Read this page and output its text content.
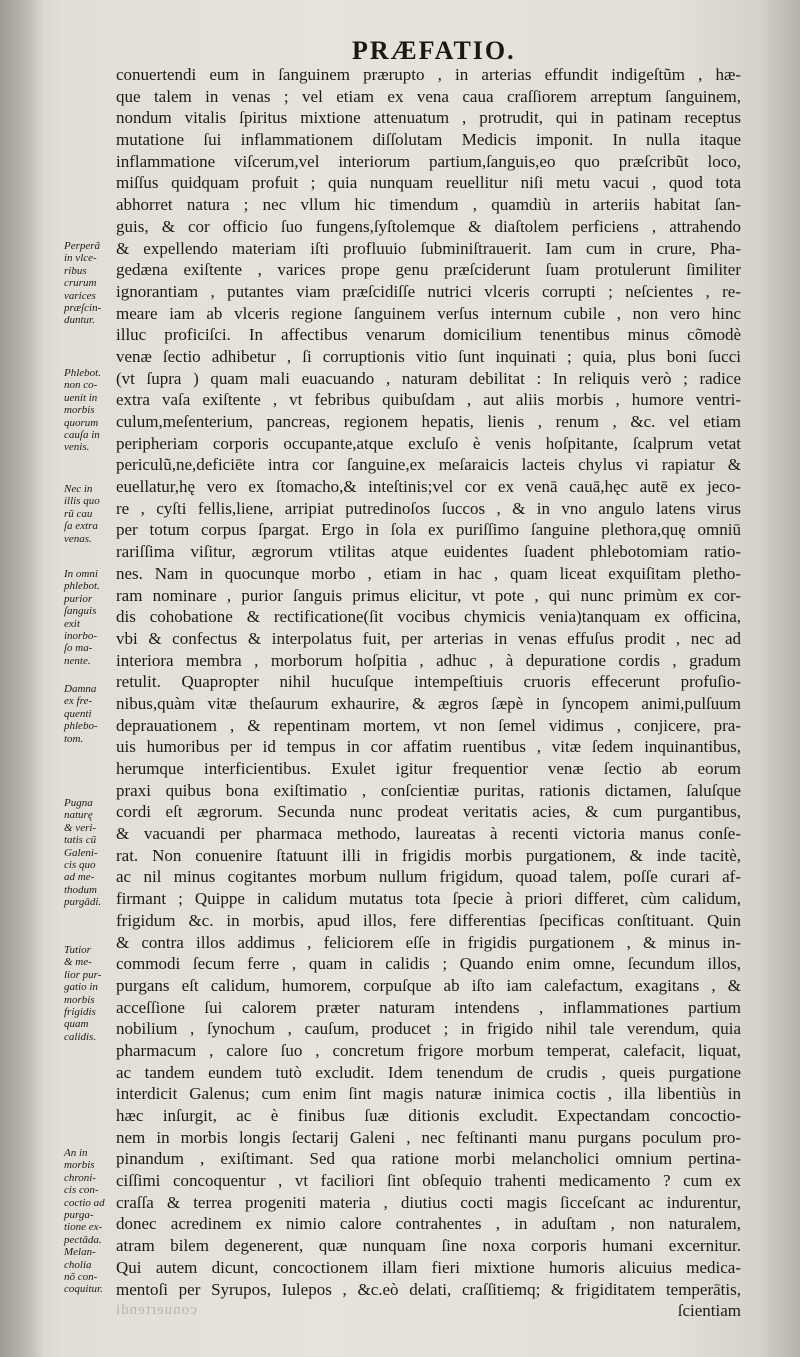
PRÆFATIO.
Perperã
in vlce-
ribus
crurum
varices
præſcin-
duntur.
Phlebot.
non co-
uenit in
morbis
quorum
cauſa in
venis.
Nec in
illis quo
rũ cau
ſa extra
venas.
In omni
phlebot.
purior
ſanguis
exit
inorbo-
ſo ma-
nente.
Damna
ex fre-
quenti
phlebo-
tom.
Pugna
naturę
& veri-
tatis cũ
Galeni-
cis quo
ad me-
thodum
purgādi.
Tutior
& me-
lior pur-
gatio in
morbis
frigidis
quam
calidis.
An in
morbis
chroni-
cis con-
coctio ad
purga-
tione ex-
pectāda.
Melan-
cholia
nõ con-
coquitur.
conuertendi eum in ſanguinem prærupto , in arterias effundit indigeſtũm , hæ-
que talem in venas ; vel etiam ex vena caua craſſiorem arreptum ſanguinem,
nondum vitalis ſpiritus mixtione attenuatum , protrudit, qui in patinam receptus
mutatione ſui inflammationem diſſolutam Medicis imponit. In nulla itaque
inflammatione viſcerum,vel interiorum partium,ſanguis,eo quo præſcribũt loco,
miſſus quidquam profuit ; quia nunquam reuellitur niſi metu vacui , quod tota
abhorret natura ; nec vllum hic timendum , quamdiù in arteriis habitat ſan-
guis, & cor officio ſuo fungens,ſyſtolemque & diaſtolem perficiens , attrahendo
& expellendo materiam iſti profluuio ſubminiſtrauerit. Iam cum in crure, Pha-
gedæna exiſtente , varices prope genu præſciderunt ſuam protulerunt ſimiliter
ignorantiam , putantes viam præſcidiſſe nutrici vlceris corrupti ; neſcientes , re-
meare iam ab vlceris regione ſanguinem verſus internum cubile , non vero hinc
illuc proficiſci. In affectibus venarum domicilium tenentibus minus cõmodè
venæ ſectio adhibetur , ſi corruptionis vitio ſunt inquinati ; quia, plus boni ſucci
(vt ſupra ) quam mali euacuando , naturam debilitat : In reliquis verò ; radice
extra vaſa exiſtente , vt febribus quibuſdam , aut aliis morbis , humore ventri-
culum,meſenterium, pancreas, regionem hepatis, lienis , renum , &c. vel etiam
peripheriam corporis occupante,atque excluſo è venis hoſpitante, ſcalprum vetat
periculũ,ne,deficiēte intra cor ſanguine,ex meſaraicis lacteis chylus vi rapiatur &
euellatur,hę vero ex ſtomacho,& inteſtinis;vel cor ex venā cauā,hęc autē ex jeco-
re , cyſti fellis,liene, arripiat putredinoſos ſuccos , & in vno angulo latens virus
per totum corpus ſpargat. Ergo in ſola ex puriſſimo ſanguine plethora,quę omniū
rariſſima viſitur, ægrorum vtilitas atque euidentes ſuadent phlebotomiam ratio-
nes. Nam in quocunque morbo , etiam in hac , quam liceat exquiſitam pletho-
ram nominare , purior ſanguis primus elicitur, vt pote , qui nunc primùm ex cor-
dis cohobatione & rectificatione(ſit vocibus chymicis venia)tanquam ex officina,
vbi & confectus & interpolatus fuit, per arterias in venas effuſus prodit , nec ad
interiora membra , morborum hoſpitia , adhuc , à depuratione cordis , gradum
retulit. Quapropter nihil hucuſque intempeſtiuis cruoris effecerunt profuſio-
nibus,quàm vitæ theſaurum exhaurire, & ægros ſæpè in ſyncopem animi,pulſuum
deprauationem , & repentinam mortem, vt non ſemel vidimus , conjicere, pra-
uis humoribus per id tempus in cor affatim ruentibus , vitæ ſedem inquinantibus,
herumque interficientibus. Exulet igitur frequentior venæ ſectio ab eorum
praxi quibus bona exiſtimatio , conſcientiæ puritas, rationis dictamen, ſaluſque
cordi eſt ægrorum. Secunda nunc prodeat veritatis acies, & cum purgantibus,
& vacuandi per pharmaca methodo, laureatas à recenti victoria manus conſe-
rat. Non conuenire ſtatuunt illi in frigidis morbis purgationem, & inde tacitè,
ac nil minus cogitantes morbum nullum frigidum, quoad talem, poſſe curari af-
firmant ; Quippe in calidum mutatus tota ſpecie à priori differet, cùm calidum,
frigidum &c. in morbis, apud illos, fere differentias ſpecificas conſtituant. Quin
& contra illos addimus , feliciorem eſſe in frigidis purgationem , & minus in-
commodi ſecum ferre , quam in calidis ; Quando enim omne, ſecundum illos,
purgans eſt calidum, humorem, corpuſque ab iſto iam calefactum, exagitans , &
acceſſione ſui calorem præter naturam intendens , inflammationes partium
nobilium , ſynochum , cauſum, producet ; in frigido nihil tale verendum, quia
pharmacum , calore ſuo , concretum frigore morbum temperat, calefacit, liquat,
ac tandem eundem tutò excludit. Idem tenendum de crudis , queis purgatione
interdicit Galenus; cum enim ſint magis naturæ inimica coctis , illa libentiùs in
hæc inſurgit, ac è finibus ſuæ ditionis excludit. Expectandam concoctio-
nem in morbis longis ſectarij Galeni , nec feſtinanti manu purgans poculum pro-
pinandum , exiſtimant. Sed qua ratione morbi melancholici omnium pertina-
ciſſimi concoquentur , vt faciliori ſint obſequio trahenti medicamento ? cum ex
craſſa & terrea progeniti materia , diutius cocti magis ſicceſcant ac indurentur,
donec acredinem ex nimio calore contrahentes , in aduſtam , non naturalem,
atram bilem degenerent, quæ nunquam ſine noxa corporis humani excernitur.
Qui autem dicunt, concoctionem illam fieri mixtione humoris alicuius medica-
mentoſi per Syrupos, Iulepos , &c.eò delati, craſſitiemq; & frigiditatem temperātis,
ſcientiam
conuertendi
